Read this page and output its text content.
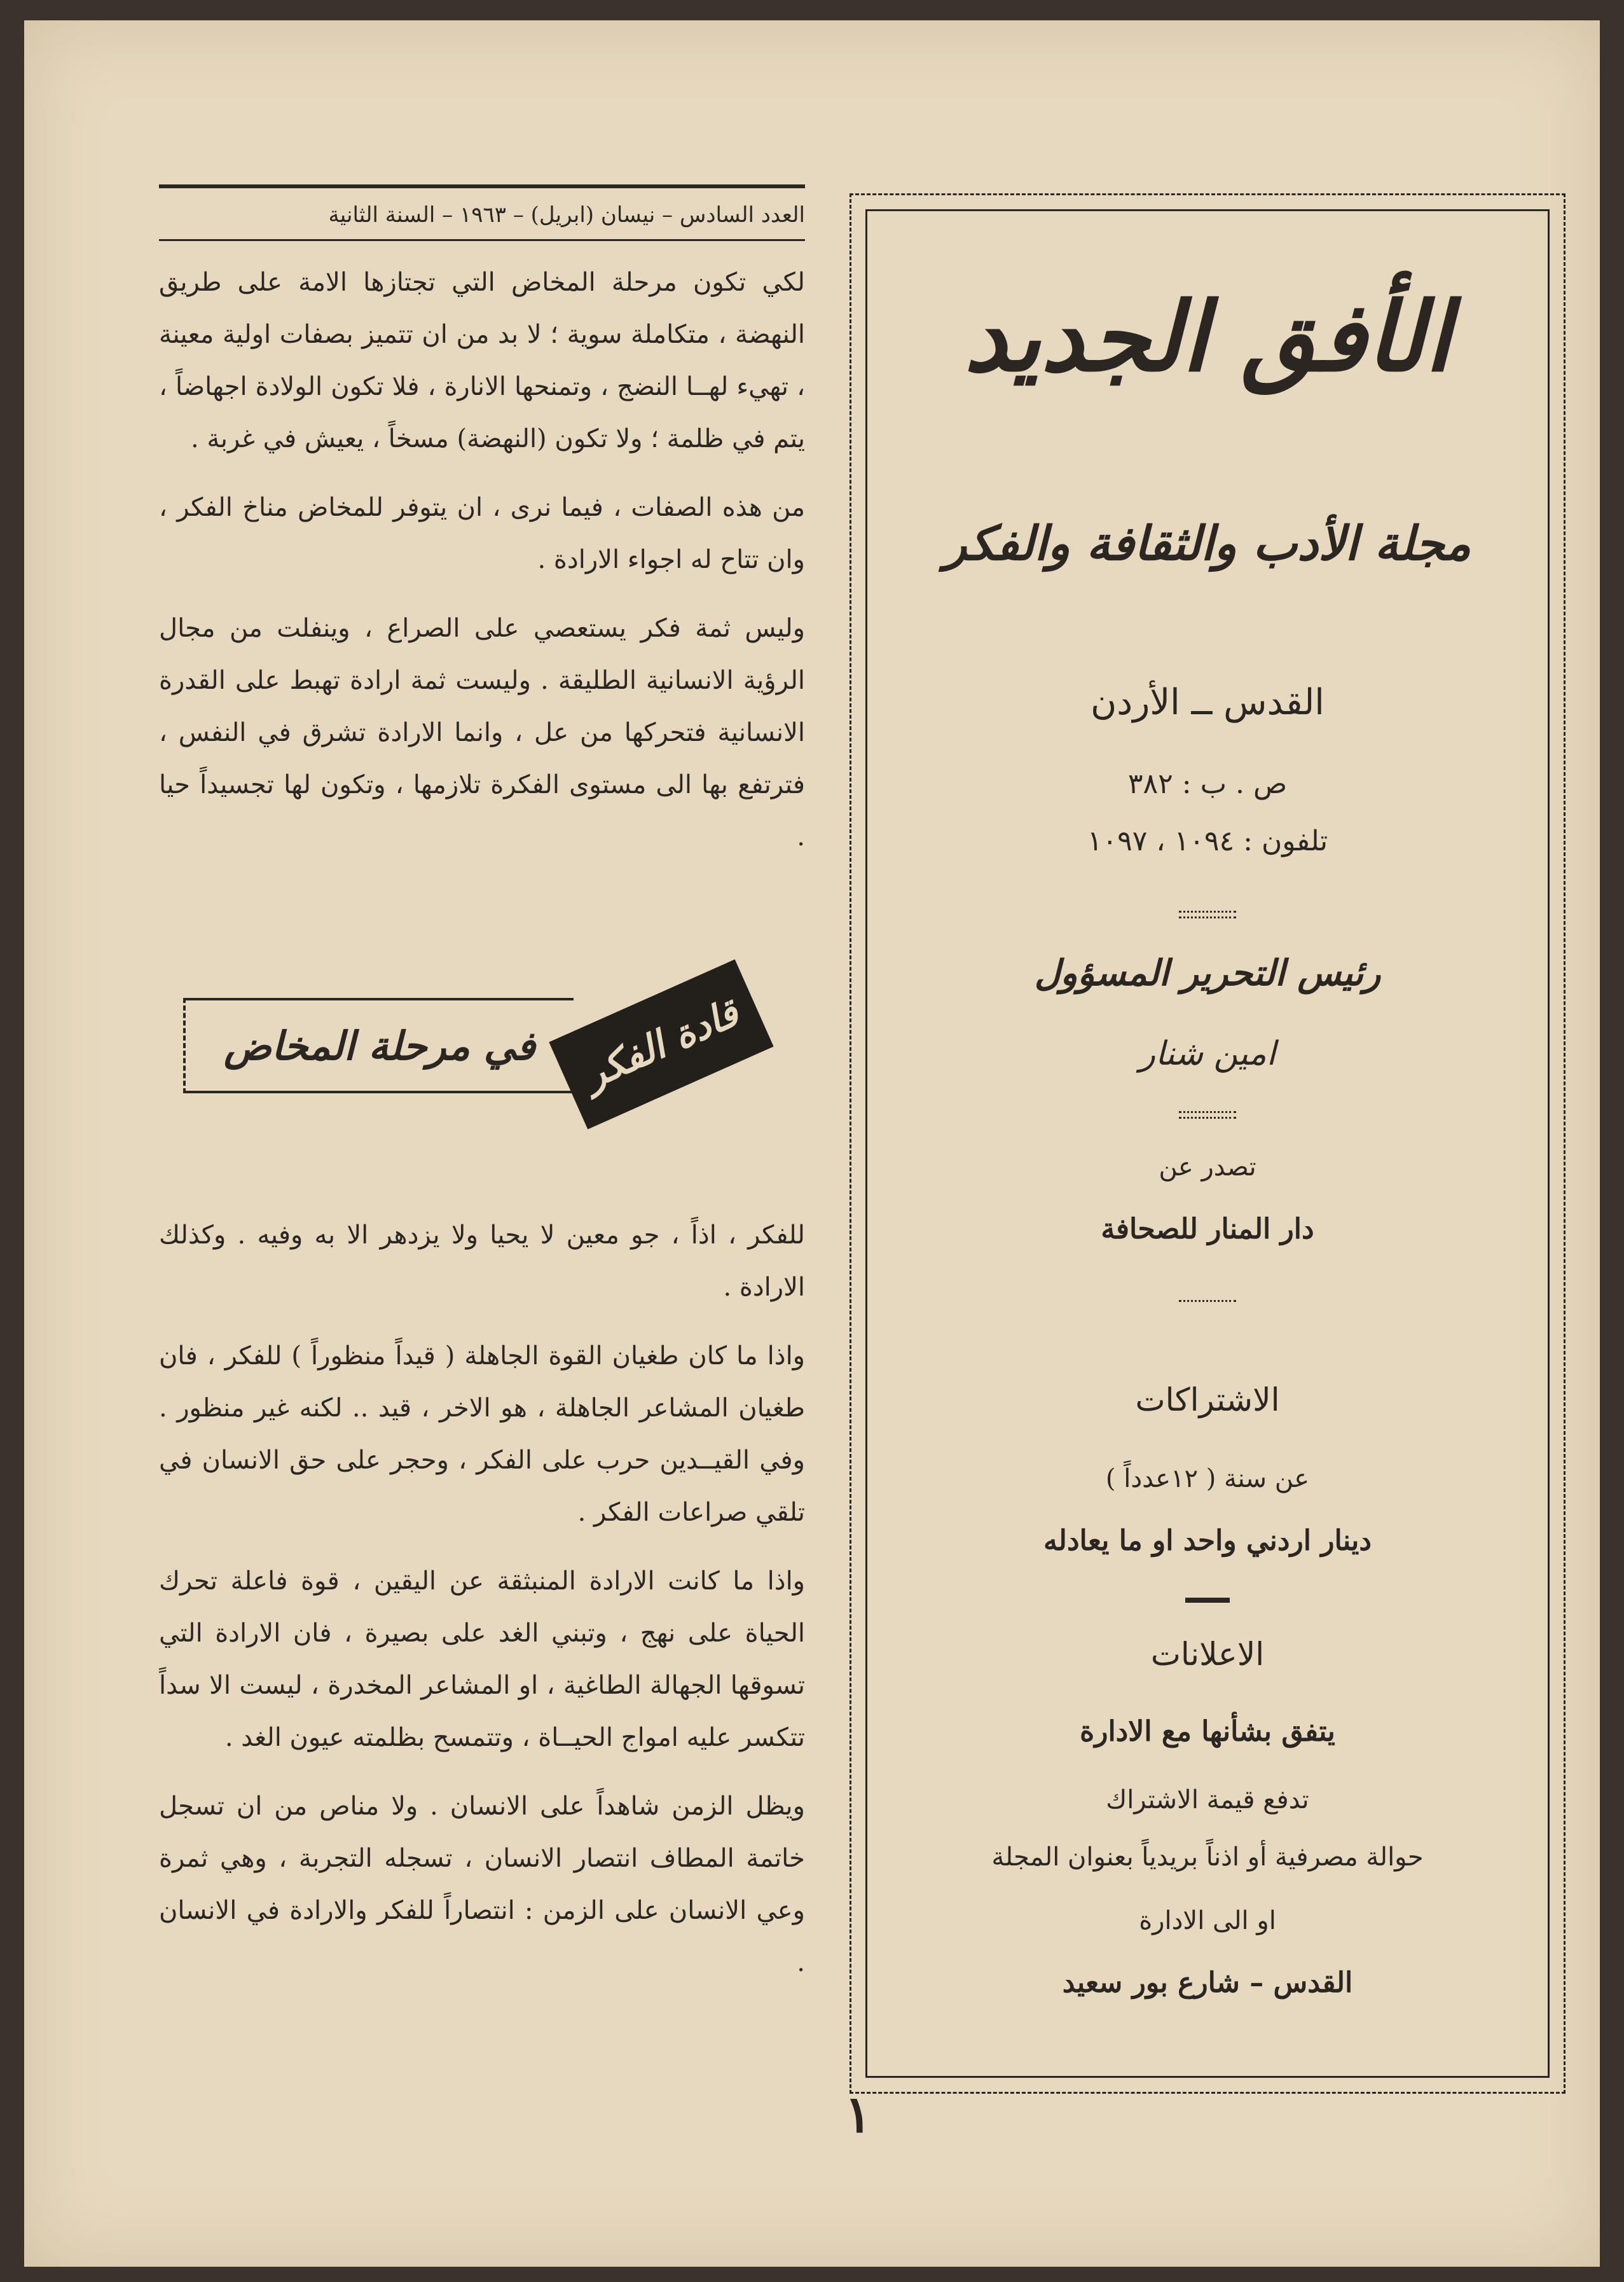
العدد السادس – نيسان (ابريل) – ١٩٦٣ – السنة الثانية

لكي تكون مرحلة المخاض التي تجتازها الامة على طريق النهضة ، متكاملة سوية ؛ لا بد من ان تتميز بصفات اولية معينة ، تهيء لهــا النضج ، وتمنحها الانارة ، فلا تكون الولادة اجهاضاً ، يتم في ظلمة ؛ ولا تكون (النهضة) مسخاً ، يعيش في غربة .

من هذه الصفات ، فيما نرى ، ان يتوفر للمخاض مناخ الفكر ، وان تتاح له اجواء الارادة .

وليس ثمة فكر يستعصي على الصراع ، وينفلت من مجال الرؤية الانسانية الطليقة . وليست ثمة ارادة تهبط على القدرة الانسانية فتحركها من عل ، وانما الارادة تشرق في النفس ، فترتفع بها الى مستوى الفكرة تلازمها ، وتكون لها تجسيداً حيا .

في مرحلة المخاض قادة الفكر

للفكر ، اذاً ، جو معين لا يحيا ولا يزدهر الا به وفيه . وكذلك الارادة .

واذا ما كان طغيان القوة الجاهلة ( قيداً منظوراً ) للفكر ، فان طغيان المشاعر الجاهلة ، هو الاخر ، قيد .. لكنه غير منظور . وفي القيــدين حرب على الفكر ، وحجر على حق الانسان في تلقي صراعات الفكر .

واذا ما كانت الارادة المنبثقة عن اليقين ، قوة فاعلة تحرك الحياة على نهج ، وتبني الغد على بصيرة ، فان الارادة التي تسوقها الجهالة الطاغية ، او المشاعر المخدرة ، ليست الا سداً تتكسر عليه امواج الحيــاة ، وتتمسح بظلمته عيون الغد .

ويظل الزمن شاهداً على الانسان . ولا مناص من ان تسجل خاتمة المطاف انتصار الانسان ، تسجله التجربة ، وهي ثمرة وعي الانسان على الزمن : انتصاراً للفكر والارادة في الانسان .

١
الأفق الجديد
مجلة الأدب والثقافة والفكر
القدس ــ الأردن
ص . ب : ٣٨٢
تلفون : ١٠٩٤ ، ١٠٩٧
رئيس التحرير المسؤول
امين شنار
تصدر عن
دار المنار للصحافة
الاشتراكات
عن سنة ( ١٢عدداً )
دينار اردني واحد او ما يعادله
الاعلانات
يتفق بشأنها مع الادارة
تدفع قيمة الاشتراك
حوالة مصرفية أو اذناً بريدياً بعنوان المجلة
او الى الادارة
القدس – شارع بور سعيد
